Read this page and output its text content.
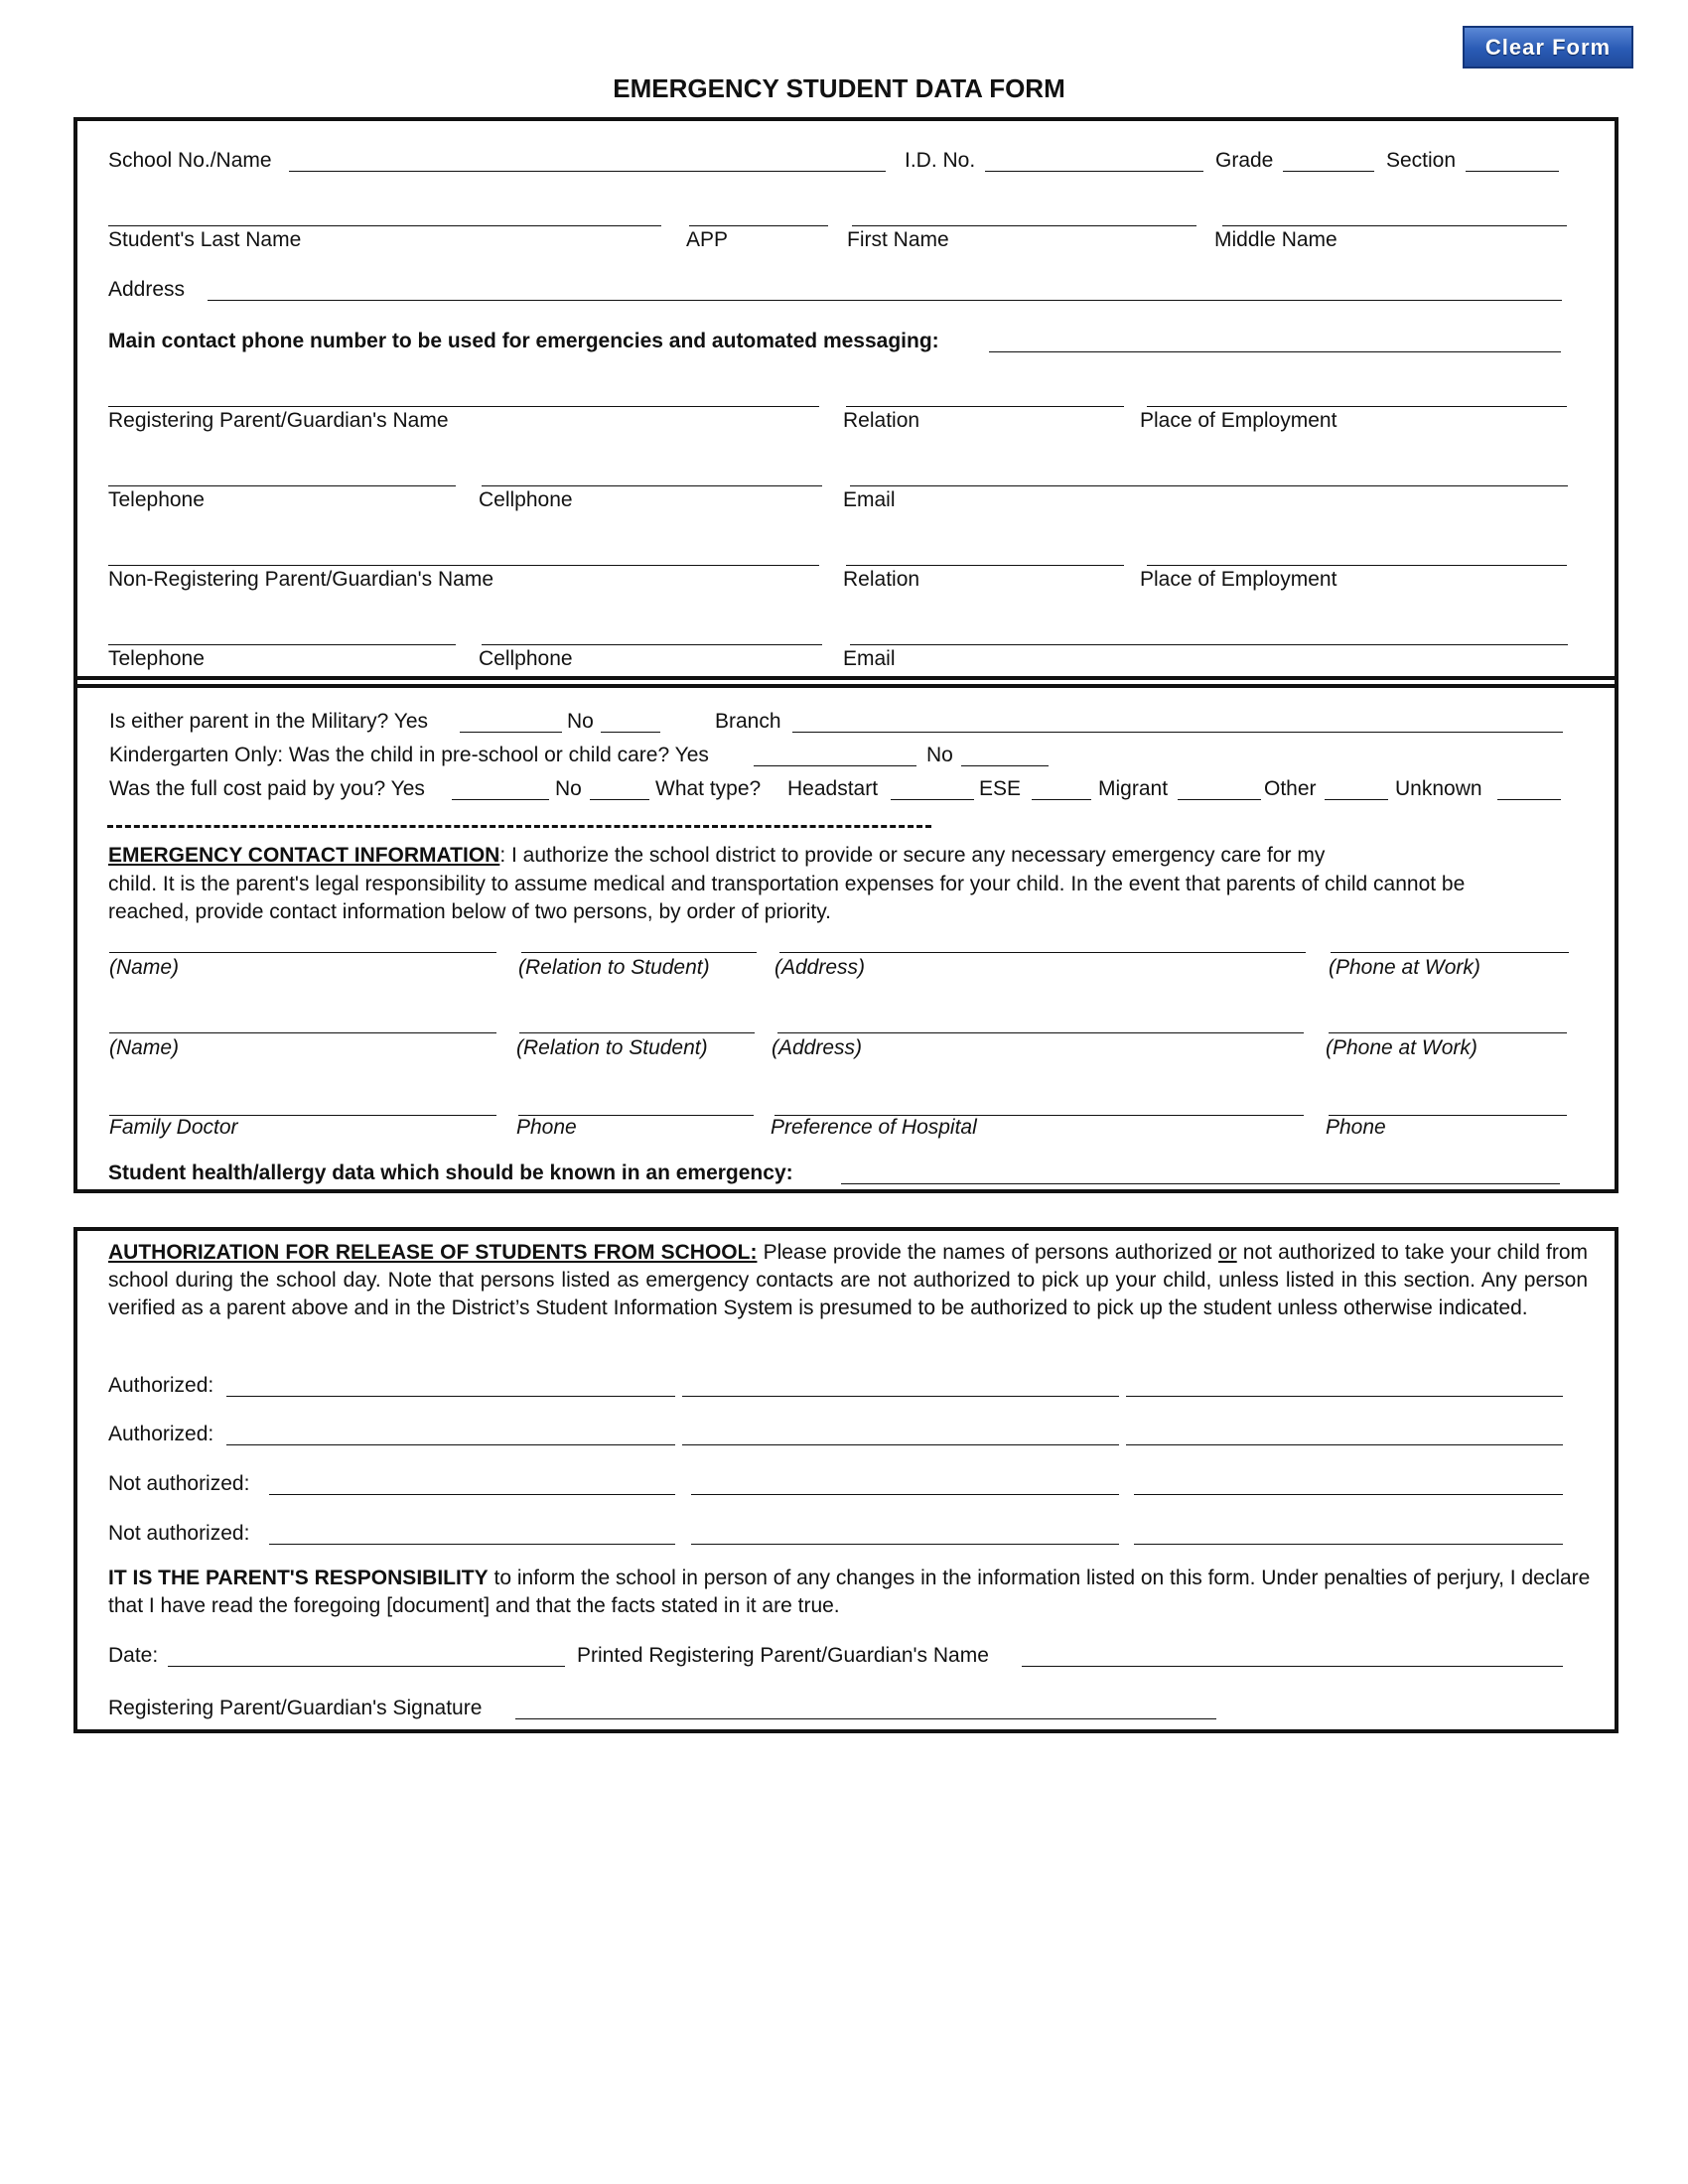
Clear Form
EMERGENCY STUDENT DATA FORM
School No./Name	I.D. No.	Grade	Section
Student's Last Name	APP	First Name	Middle Name
Address
Main contact phone number to be used for emergencies and automated messaging:
Registering Parent/Guardian's Name	Relation	Place of Employment
Telephone	Cellphone	Email
Non-Registering Parent/Guardian's Name	Relation	Place of Employment
Telephone	Cellphone	Email
Is either parent in the Military? Yes	No	Branch
Kindergarten Only: Was the child in pre-school or child care? Yes	No
Was the full cost paid by you? Yes	No	What type? Headstart	ESE	Migrant	Other	Unknown
EMERGENCY CONTACT INFORMATION: I authorize the school district to provide or secure any necessary emergency care for my
child. It is the parent's legal responsibility to assume medical and transportation expenses for your child. In the event that parents of child cannot be
reached, provide contact information below of two persons, by order of priority.
(Name)	(Relation to Student)	(Address)	(Phone at Work)
(Name)	(Relation to Student)	(Address)	(Phone at Work)
Family Doctor	Phone	Preference of Hospital	Phone
Student health/allergy data which should be known in an emergency:
AUTHORIZATION FOR RELEASE OF STUDENTS FROM SCHOOL: Please provide the names of persons authorized or not authorized to take your child from school during the school day. Note that persons listed as emergency contacts are not authorized to pick up your child, unless listed in this section. Any person verified as a parent above and in the District’s Student Information System is presumed to be authorized to pick up the student unless otherwise indicated.
Authorized:
Authorized:
Not authorized:
Not authorized:
IT IS THE PARENT'S RESPONSIBILITY to inform the school in person of any changes in the information listed on this form. Under penalties of perjury, I declare that I have read the foregoing [document] and that the facts stated in it are true.
Date:	Printed Registering Parent/Guardian's Name
Registering Parent/Guardian's Signature
